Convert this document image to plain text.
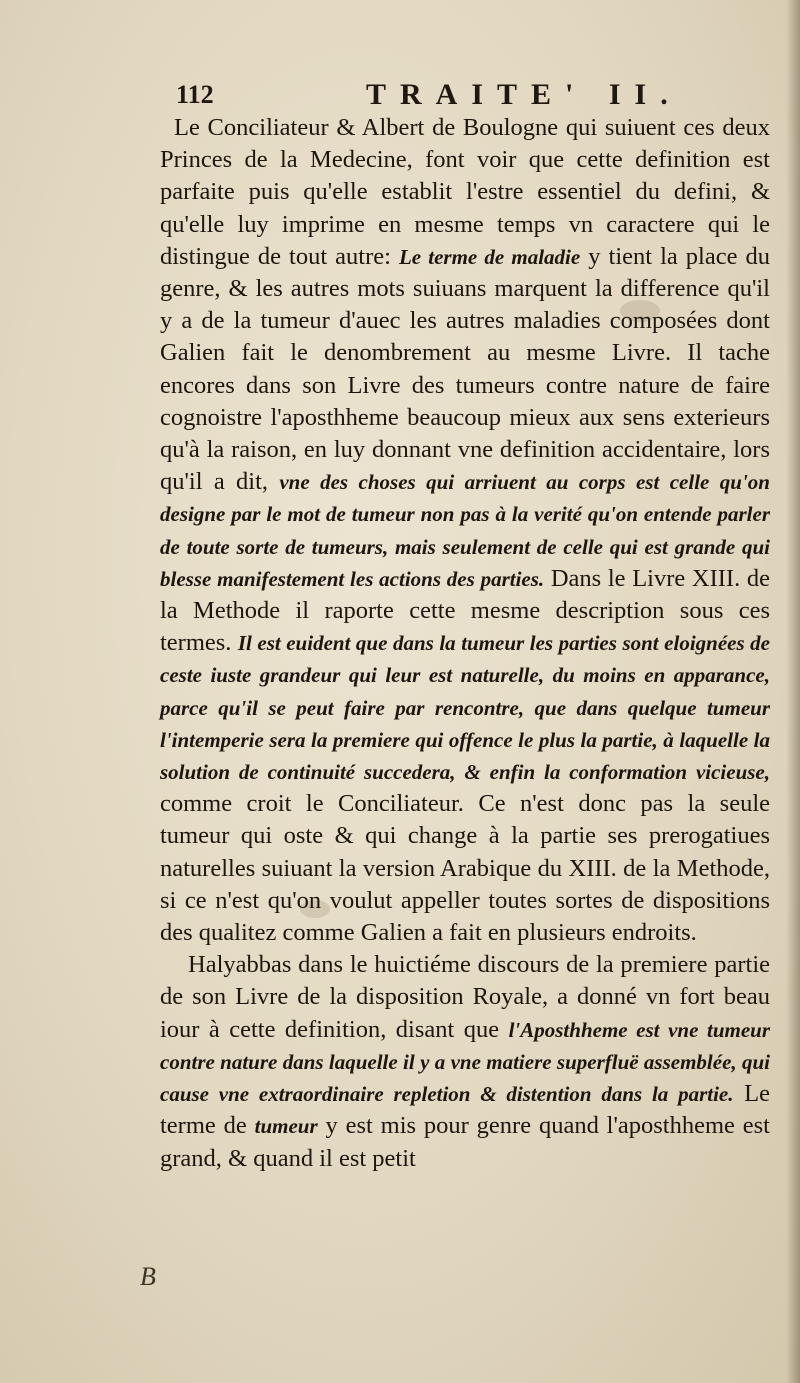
112	TRAITE' II.

Le Conciliateur & Albert de Boulogne qui suiuent ces deux Princes de la Medecine, font voir que cette definition est parfaite puis qu'elle establit l'estre essentiel du defini, & qu'elle luy imprime en mesme temps vn caractere qui le distingue de tout autre: Le terme de maladie y tient la place du genre, & les autres mots suiuans marquent la difference qu'il y a de la tumeur d'auec les autres maladies composées dont Galien fait le denombrement au mesme Livre. Il tache encores dans son Livre des tumeurs contre nature de faire cognoistre l'aposthheme beaucoup mieux aux sens exterieurs qu'à la raison, en luy donnant vne definition accidentaire, lors qu'il a dit, vne des choses qui arriuent au corps est celle qu'on designe par le mot de tumeur non pas à la verité qu'on entende parler de toute sorte de tumeurs, mais seulement de celle qui est grande qui blesse manifestement les actions des parties. Dans le Livre XIII. de la Methode il raporte cette mesme description sous ces termes. Il est euident que dans la tumeur les parties sont eloignées de ceste iuste grandeur qui leur est naturelle, du moins en apparance, parce qu'il se peut faire par rencontre, que dans quelque tumeur l'intemperie sera la premiere qui offence le plus la partie, à laquelle la solution de continuité succedera, & enfin la conformation vicieuse, comme croit le Conciliateur. Ce n'est donc pas la seule tumeur qui oste & qui change à la partie ses prerogatiues naturelles suiuant la version Arabique du XIII. de la Methode, si ce n'est qu'on voulut appeller toutes sortes de dispositions des qualitez comme Galien a fait en plusieurs endroits.

Halyabbas dans le huictiéme discours de la premiere partie de son Livre de la disposition Royale, a donné vn fort beau iour à cette definition, disant que l'Aposthheme est vne tumeur contre nature dans laquelle il y a vne matiere superfluë assemblée, qui cause vne extraordinaire repletion & distention dans la partie. Le terme de tumeur y est mis pour genre quand l'aposthheme est grand, & quand il est petit

B
